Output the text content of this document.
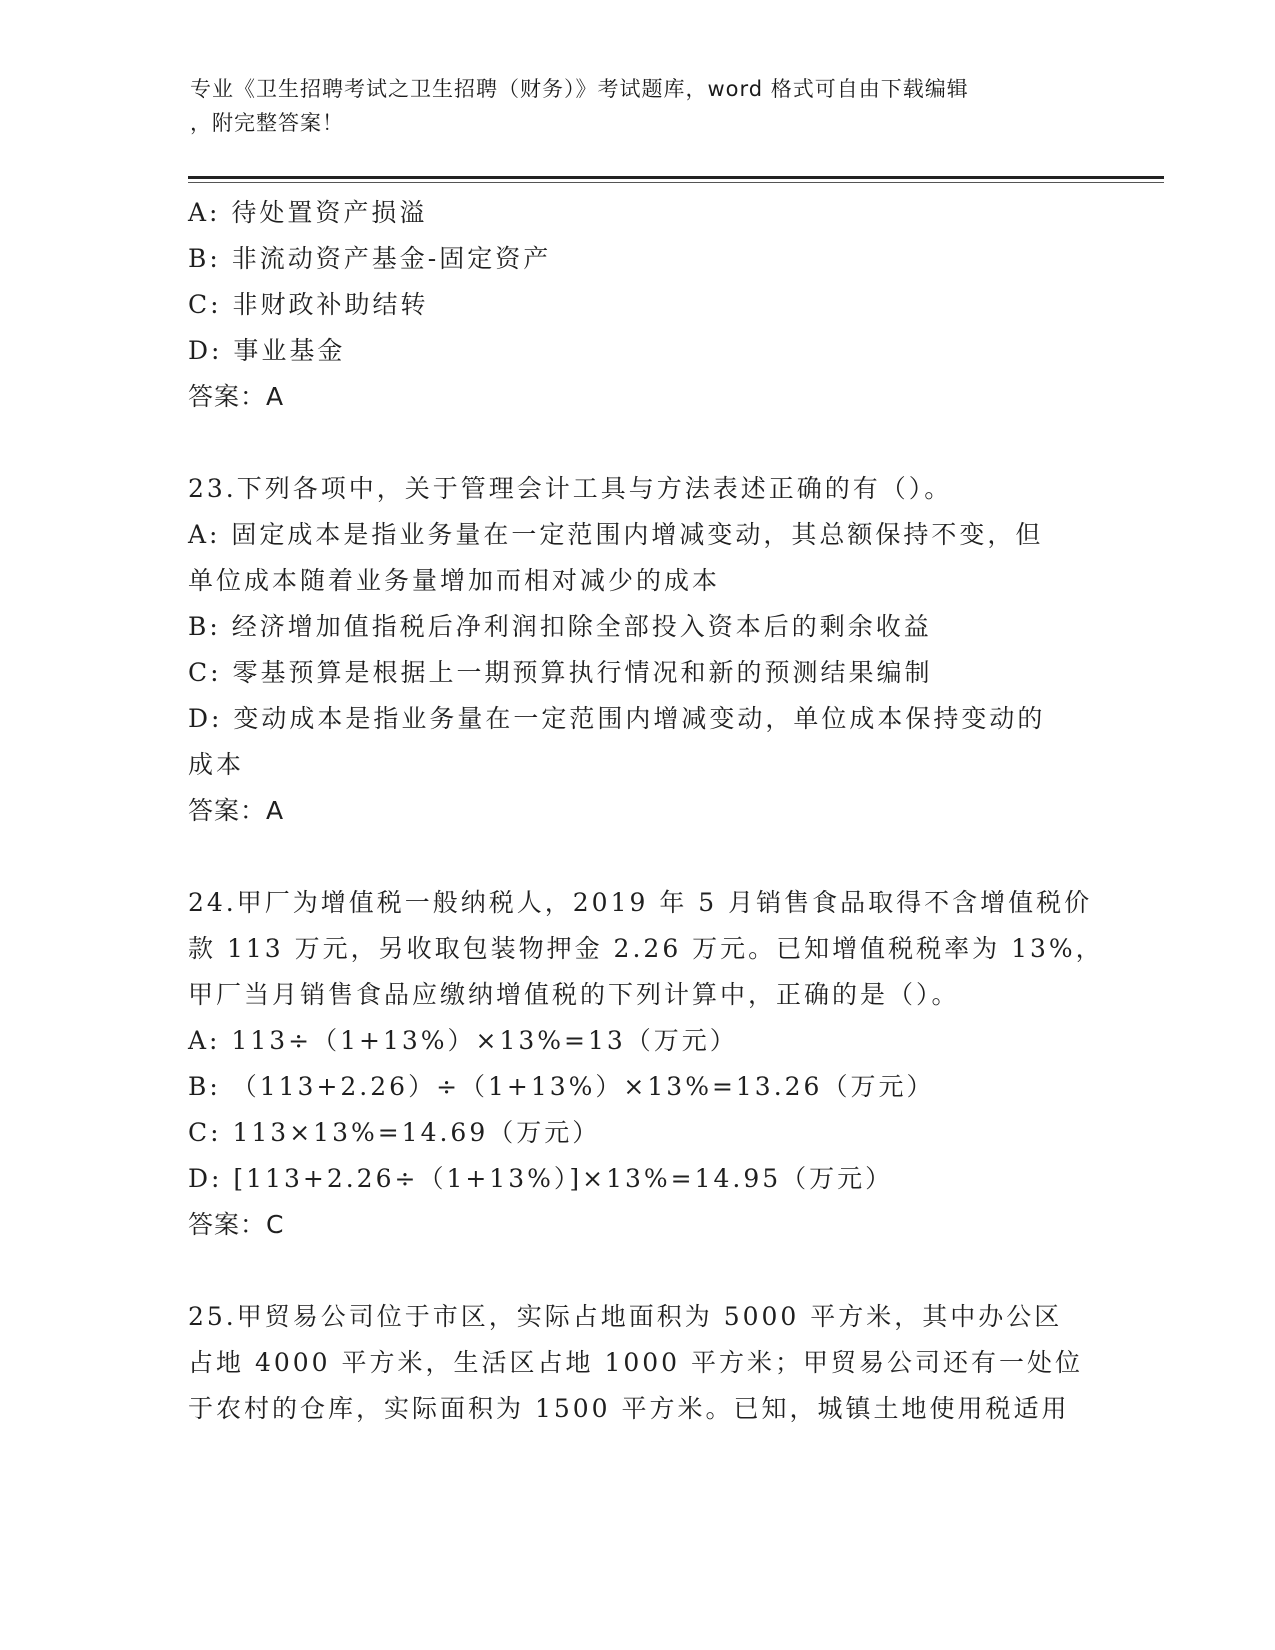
专业《卫生招聘考试之卫生招聘（财务）》考试题库，word 格式可自由下载编辑
，附完整答案！
A: 待处置资产损溢
B: 非流动资产基金-固定资产
C: 非财政补助结转
D: 事业基金
答案：A
23.下列各项中，关于管理会计工具与方法表述正确的有（）。
A: 固定成本是指业务量在一定范围内增减变动，其总额保持不变，但
单位成本随着业务量增加而相对减少的成本
B: 经济增加值指税后净利润扣除全部投入资本后的剩余收益
C: 零基预算是根据上一期预算执行情况和新的预测结果编制
D: 变动成本是指业务量在一定范围内增减变动，单位成本保持变动的
成本
答案：A
24.甲厂为增值税一般纳税人，2019 年 5 月销售食品取得不含增值税价
款 113 万元，另收取包装物押金 2.26 万元。已知增值税税率为 13%，
甲厂当月销售食品应缴纳增值税的下列计算中，正确的是（）。
A: 113÷（1+13%）×13%=13（万元）
B: （113+2.26）÷（1+13%）×13%=13.26（万元）
C: 113×13%=14.69（万元）
D: [113+2.26÷（1+13%）]×13%=14.95（万元）
答案：C
25.甲贸易公司位于市区，实际占地面积为 5000 平方米，其中办公区
占地 4000 平方米，生活区占地 1000 平方米；甲贸易公司还有一处位
于农村的仓库，实际面积为 1500 平方米。已知，城镇土地使用税适用
